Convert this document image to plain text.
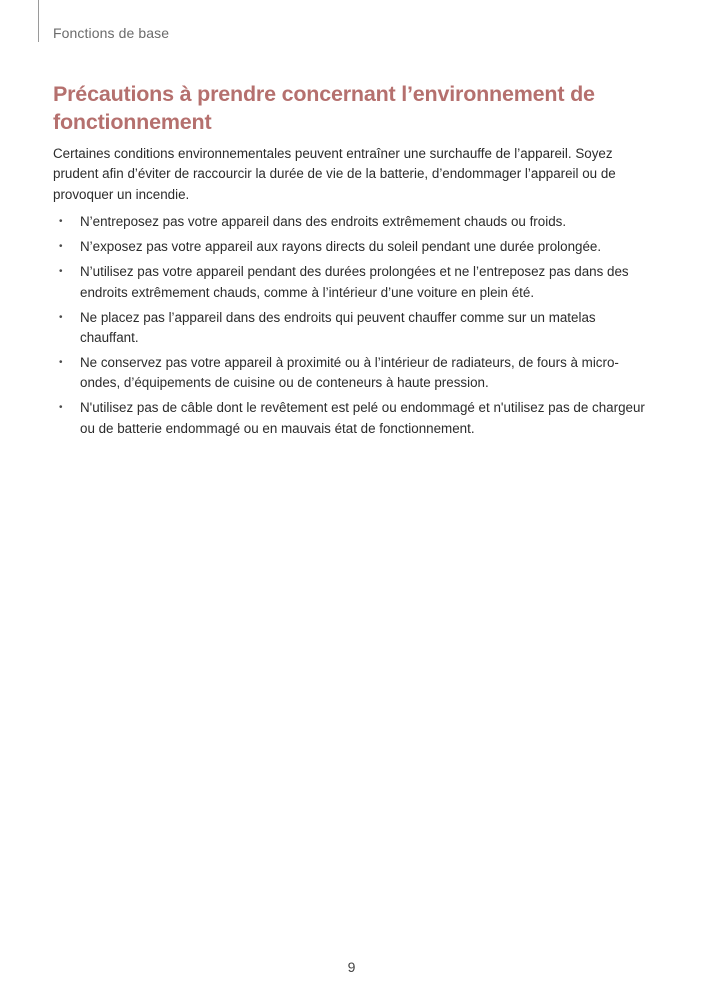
Fonctions de base
Précautions à prendre concernant l’environnement de fonctionnement

Certaines conditions environnementales peuvent entraîner une surchauffe de l’appareil. Soyez prudent afin d’éviter de raccourcir la durée de vie de la batterie, d’endommager l’appareil ou de provoquer un incendie.

• N’entreposez pas votre appareil dans des endroits extrêmement chauds ou froids.
• N’exposez pas votre appareil aux rayons directs du soleil pendant une durée prolongée.
• N’utilisez pas votre appareil pendant des durées prolongées et ne l’entreposez pas dans des endroits extrêmement chauds, comme à l’intérieur d’une voiture en plein été.
• Ne placez pas l’appareil dans des endroits qui peuvent chauffer comme sur un matelas chauffant.
• Ne conservez pas votre appareil à proximité ou à l’intérieur de radiateurs, de fours à micro-ondes, d’équipements de cuisine ou de conteneurs à haute pression.
• N'utilisez pas de câble dont le revêtement est pelé ou endommagé et n'utilisez pas de chargeur ou de batterie endommagé ou en mauvais état de fonctionnement.
9
